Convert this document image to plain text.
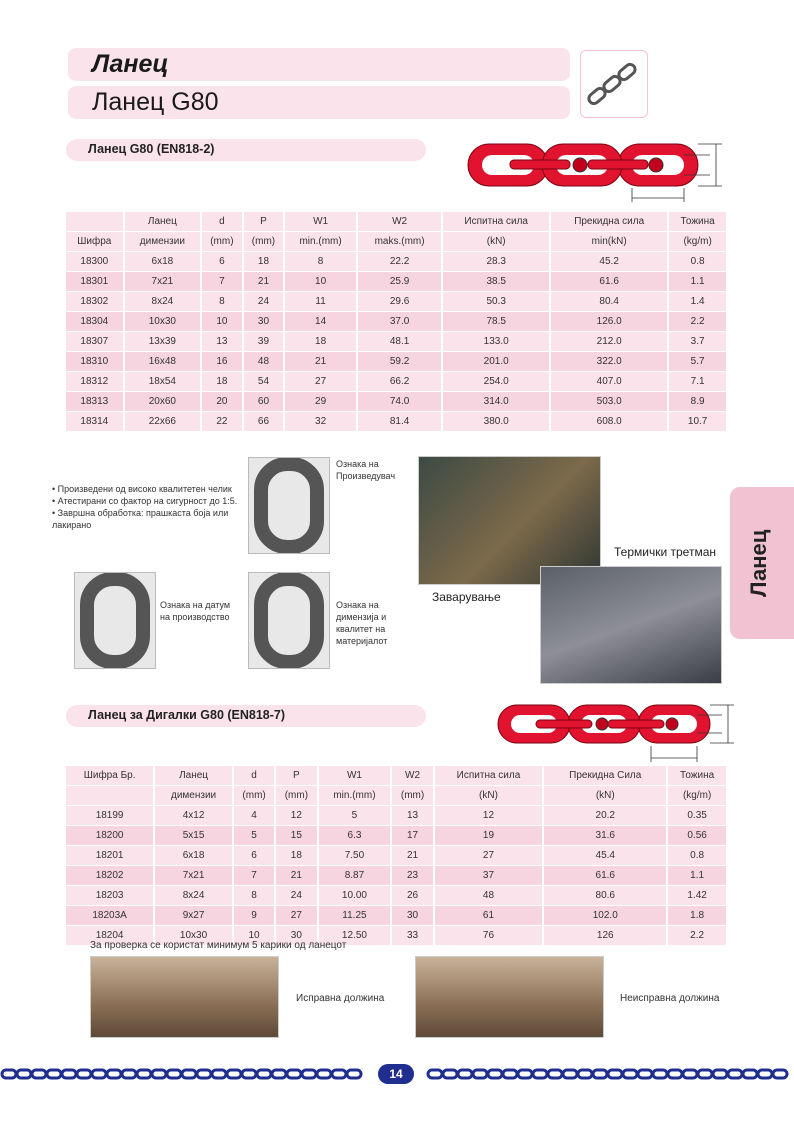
Ланец
Ланец G80
Ланец G80 (EN818-2)
	Ланец	d	P	W1	W2	Испитна сила	Прекидна сила	Тожина
Шифра	димензии	(mm)	(mm)	min.(mm)	maks.(mm)	(kN)	min(kN)	(kg/m)
18300	6x18	6	18	8	22.2	28.3	45.2	0.8
18301	7x21	7	21	10	25.9	38.5	61.6	1.1
18302	8x24	8	24	11	29.6	50.3	80.4	1.4
18304	10x30	10	30	14	37.0	78.5	126.0	2.2
18307	13x39	13	39	18	48.1	133.0	212.0	3.7
18310	16x48	16	48	21	59.2	201.0	322.0	5.7
18312	18x54	18	54	27	66.2	254.0	407.0	7.1
18313	20x60	20	60	29	74.0	314.0	503.0	8.9
18314	22x66	22	66	32	81.4	380.0	608.0	10.7
• Произведени од високо квалитетен челик
• Атестирани со фактор на сигурност до 1:5.
• Завршна обработка: прашкаста боја или лакирано
Ознака на Произведувач
Ознака на датум на производство
Ознака на димензија и квалитет на материјалот
Заварување
Термички третман Ланец
Ланец за Дигалки G80 (EN818-7)
Шифра Бр.	Ланец	d	P	W1	W2	Испитна сила	Прекидна Сила	Тожина
	димензии	(mm)	(mm)	min.(mm)	(mm)	(kN)	(kN)	(kg/m)
18199	4x12	4	12	5	13	12	20.2	0.35
18200	5x15	5	15	6.3	17	19	31.6	0.56
18201	6x18	6	18	7.50	21	27	45.4	0.8
18202	7x21	7	21	8.87	23	37	61.6	1.1
18203	8x24	8	24	10.00	26	48	80.6	1.42
18203A	9x27	9	27	11.25	30	61	102.0	1.8
18204	10x30	10	30	12.50	33	76	126	2.2
За проверка се користат минимум 5 карики од ланецот
Исправна должина	Неисправна должина
14
